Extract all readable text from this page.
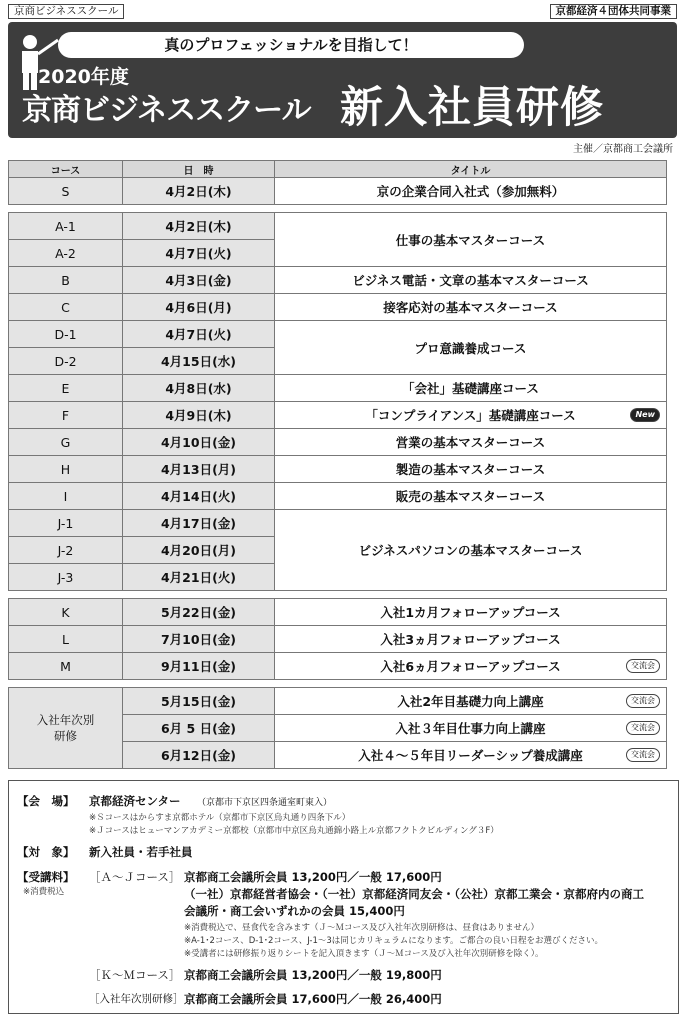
京商ビジネススクール	京都経済４団体共同事業
真のプロフェッショナルを目指して！
2020年度
京商ビジネススクール 新入社員研修
主催／京都商工会議所
コース	日　時	タイトル
S	4月2日(木)	京の企業合同入社式（参加無料）
A-1	4月2日(木)	仕事の基本マスターコース
A-2	4月7日(火)	
B	4月3日(金)	ビジネス電話・文章の基本マスターコース
C	4月6日(月)	接客応対の基本マスターコース
D-1	4月7日(火)	プロ意識養成コース
D-2	4月15日(水)	
E	4月8日(水)	「会社」基礎講座コース
F	4月9日(木)	「コンプライアンス」基礎講座コース New

G	4月10日(金)	営業の基本マスターコース
H	4月13日(月)	製造の基本マスターコース
I	4月14日(火)	販売の基本マスターコース
J-1	4月17日(金)	ビジネスパソコンの基本マスターコース
J-2	4月20日(月)	
J-3	4月21日(火)	
K	5月22日(金)	入社1カ月フォローアップコース
L	7月10日(金)	入社3ヵ月フォローアップコース
M	9月11日(金)	入社6ヵ月フォローアップコース 交流会
入社年次別研修	5月15日(金)	入社2年目基礎力向上講座 交流会

	6月 5 日(金)	入社３年目仕事力向上講座 交流会

	6月12日(金)	入社４～５年目リーダーシップ養成講座 交流会
【会　場】 京都経済センター （京都市下京区四条通室町東入）
※Ｓコースはからすま京都ホテル（京都市下京区烏丸通り四条下ル）
※Ｊコースはヒューマンアカデミー京都校（京都市中京区烏丸通錦小路上ル京都フクトクビルディング３F）
【対　象】 新入社員・若手社員
【受講料】
※消費税込
［Ａ～Ｊコース］ 京都商工会議所会員 13,200円／一般 17,600円
（一社）京都経営者協会・（一社）京都経済同友会・（公社）京都工業会・京都府内の商工
会議所・商工会いずれかの会員 15,400円
※消費税込で、昼食代を含みます（Ｊ～Ｍコース及び入社年次別研修は、昼食はありません）
※A-1･2コース、D-1･2コース、J-1～3は同じカリキュラムになります。ご都合の良い日程をお選びください。
※受講者には研修振り返りシートを記入頂きます（Ｊ～Ｍコース及び入社年次別研修を除く）。
［Ｋ～Ｍコース］ 京都商工会議所会員 13,200円／一般 19,800円
［入社年次別研修］ 京都商工会議所会員 17,600円／一般 26,400円
